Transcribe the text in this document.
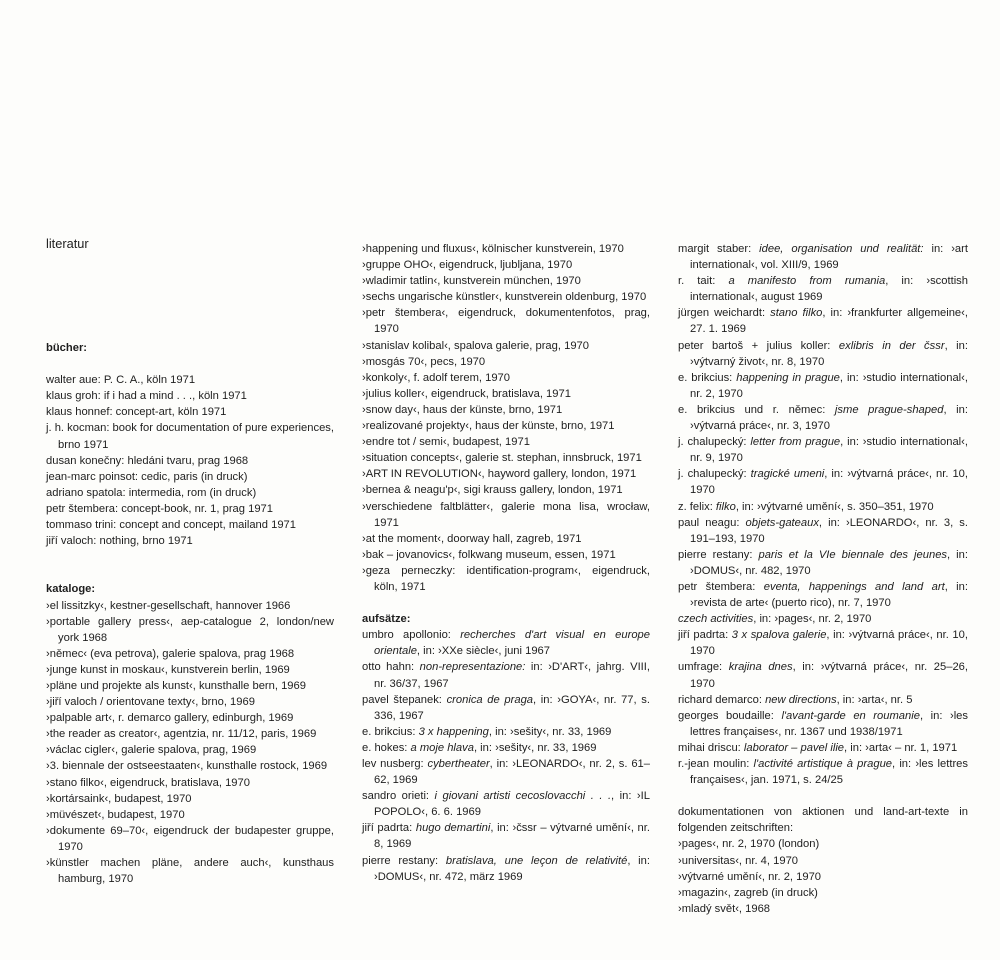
literatur
bücher:
walter aue: P. C. A., köln 1971
klaus groh: if i had a mind . . ., köln 1971
klaus honnef: concept-art, köln 1971
j. h. kocman: book for documentation of pure experiences, brno 1971
dusan konečny: hledáni tvaru, prag 1968
jean-marc poinsot: cedic, paris (in druck)
adriano spatola: intermedia, rom (in druck)
petr štembera: concept-book, nr. 1, prag 1971
tommaso trini: concept and concept, mailand 1971
jiří valoch: nothing, brno 1971
kataloge:
›el lissitzky‹, kestner-gesellschaft, hannover 1966
›portable gallery press‹, aep-catalogue 2, london/new york 1968
›němec‹ (eva petrova), galerie spalova, prag 1968
›junge kunst in moskau‹, kunstverein berlin, 1969
›pläne und projekte als kunst‹, kunsthalle bern, 1969
›jiří valoch / orientovane texty‹, brno, 1969
›palpable art‹, r. demarco gallery, edinburgh, 1969
›the reader as creator‹, agentzia, nr. 11/12, paris, 1969
›václac cigler‹, galerie spalova, prag, 1969
›3. biennale der ostseestaaten‹, kunsthalle rostock, 1969
›stano filko‹, eigendruck, bratislava, 1970
›kortársaink‹, budapest, 1970
›müvészet‹, budapest, 1970
›dokumente 69–70‹, eigendruck der budapester gruppe, 1970
›künstler machen pläne, andere auch‹, kunsthaus hamburg, 1970
›happening und fluxus‹, kölnischer kunstverein, 1970
›gruppe OHO‹, eigendruck, ljubljana, 1970
›wladimir tatlin‹, kunstverein münchen, 1970
›sechs ungarische künstler‹, kunstverein oldenburg, 1970
›petr štembera‹, eigendruck, dokumentenfotos, prag, 1970
›stanislav kolibal‹, spalova galerie, prag, 1970
›mosgás 70‹, pecs, 1970
›konkoly‹, f. adolf terem, 1970
›julius koller‹, eigendruck, bratislava, 1971
›snow day‹, haus der künste, brno, 1971
›realizované projekty‹, haus der künste, brno, 1971
›endre tot / semi‹, budapest, 1971
›situation concepts‹, galerie st. stephan, innsbruck, 1971
›ART IN REVOLUTION‹, hayword gallery, london, 1971
›bernea & neagu'p‹, sigi krauss gallery, london, 1971
›verschiedene faltblätter‹, galerie mona lisa, wrocław, 1971
›at the moment‹, doorway hall, zagreb, 1971
›bak – jovanovics‹, folkwang museum, essen, 1971
›geza perneczky: identification-program‹, eigendruck, köln, 1971
aufsätze:
umbro apollonio: recherches d'art visual en europe orientale, in: ›XXe siècle‹, juni 1967
otto hahn: non-representazione: in: ›D'ART‹, jahrg. VIII, nr. 36/37, 1967
pavel štepanek: cronica de praga, in: ›GOYA‹, nr. 77, s. 336, 1967
e. brikcius: 3 x happening, in: ›sešity‹, nr. 33, 1969
e. hokes: a moje hlava, in: ›sešity‹, nr. 33, 1969
lev nusberg: cybertheater, in: ›LEONARDO‹, nr. 2, s. 61–62, 1969
sandro orieti: i giovani artisti cecoslovacchi . . ., in: ›IL POPOLO‹, 6. 6. 1969
jiří padrta: hugo demartini, in: ›čssr – výtvarné umění‹, nr. 8, 1969
pierre restany: bratislava, une leçon de relativité, in: ›DOMUS‹, nr. 472, märz 1969
margit staber: idee, organisation und realität: in: ›art international‹, vol. XIII/9, 1969
r. tait: a manifesto from rumania, in: ›scottish international‹, august 1969
jürgen weichardt: stano filko, in: ›frankfurter allgemeine‹, 27. 1. 1969
peter bartoš + julius koller: exlibris in der čssr, in: ›výtvarný život‹, nr. 8, 1970
e. brikcius: happening in prague, in: ›studio international‹, nr. 2, 1970
e. brikcius und r. němec: jsme prague-shaped, in: ›výtvarná práce‹, nr. 3, 1970
j. chalupecký: letter from prague, in: ›studio international‹, nr. 9, 1970
j. chalupecký: tragické umeni, in: ›výtvarná práce‹, nr. 10, 1970
z. felix: filko, in: ›výtvarné umění‹, s. 350–351, 1970
paul neagu: objets-gateaux, in: ›LEONARDO‹, nr. 3, s. 191–193, 1970
pierre restany: paris et la VIe biennale des jeunes, in: ›DOMUS‹, nr. 482, 1970
petr štembera: eventa, happenings and land art, in: ›revista de arte‹ (puerto rico), nr. 7, 1970
czech activities, in: ›pages‹, nr. 2, 1970
jiří padrta: 3 x spalova galerie, in: ›výtvarná práce‹, nr. 10, 1970
umfrage: krajina dnes, in: ›výtvarná práce‹, nr. 25–26, 1970
richard demarco: new directions, in: ›arta‹, nr. 5
georges boudaille: l'avant-garde en roumanie, in: ›les lettres françaises‹, nr. 1367 und 1938/1971
mihai driscu: laborator – pavel ilie, in: ›arta‹ – nr. 1, 1971
r.-jean moulin: l'activité artistique à prague, in: ›les lettres françaises‹, jan. 1971, s. 24/25
dokumentationen von aktionen und land-art-texte in folgenden zeitschriften:
›pages‹, nr. 2, 1970 (london)
›universitas‹, nr. 4, 1970
›výtvarné umění‹, nr. 2, 1970
›magazin‹, zagreb (in druck)
›mladý svět‹, 1968
